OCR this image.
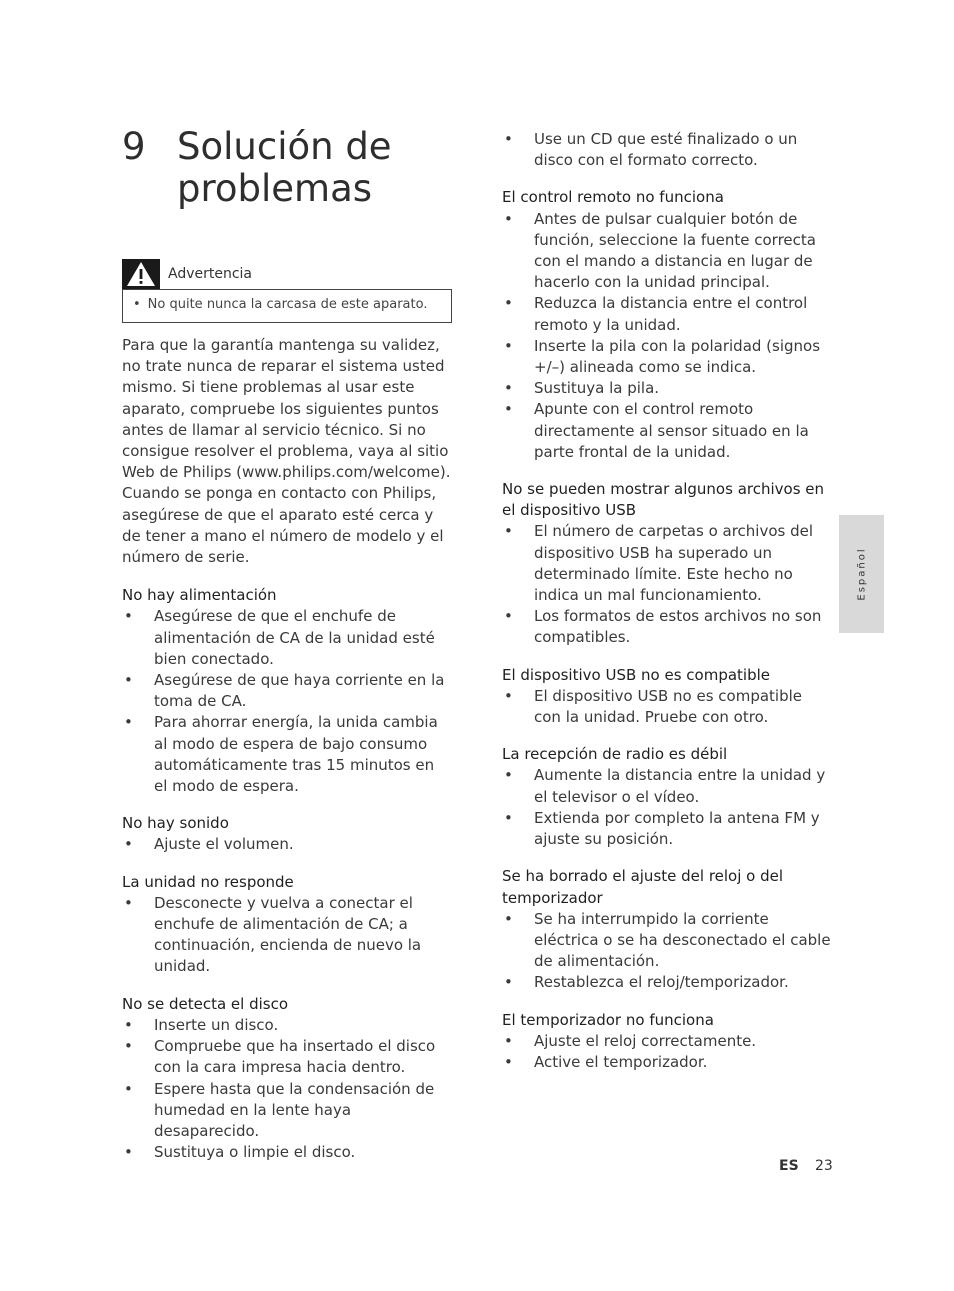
9 Solución de problemas
Advertencia
• No quite nunca la carcasa de este aparato.

Para que la garantía mantenga su validez, no trate nunca de reparar el sistema usted mismo. Si tiene problemas al usar este aparato, compruebe los siguientes puntos antes de llamar al servicio técnico. Si no consigue resolver el problema, vaya al sitio Web de Philips (www.philips.com/welcome). Cuando se ponga en contacto con Philips, asegúrese de que el aparato esté cerca y de tener a mano el número de modelo y el número de serie.

No hay alimentación
• Asegúrese de que el enchufe de alimentación de CA de la unidad esté bien conectado.
• Asegúrese de que haya corriente en la toma de CA.
• Para ahorrar energía, la unida cambia al modo de espera de bajo consumo automáticamente tras 15 minutos en el modo de espera.
No hay sonido
• Ajuste el volumen.
La unidad no responde
• Desconecte y vuelva a conectar el enchufe de alimentación de CA; a continuación, encienda de nuevo la unidad.
No se detecta el disco
• Inserte un disco.
• Compruebe que ha insertado el disco con la cara impresa hacia dentro.
• Espere hasta que la condensación de humedad en la lente haya desaparecido.
• Sustituya o limpie el disco.
• Use un CD que esté finalizado o un disco con el formato correcto.
El control remoto no funciona
• Antes de pulsar cualquier botón de función, seleccione la fuente correcta con el mando a distancia en lugar de hacerlo con la unidad principal.
• Reduzca la distancia entre el control remoto y la unidad.
• Inserte la pila con la polaridad (signos +/–) alineada como se indica.
• Sustituya la pila.
• Apunte con el control remoto directamente al sensor situado en la parte frontal de la unidad.
No se pueden mostrar algunos archivos en el dispositivo USB
• El número de carpetas o archivos del dispositivo USB ha superado un determinado límite. Este hecho no indica un mal funcionamiento.
• Los formatos de estos archivos no son compatibles.
El dispositivo USB no es compatible
• El dispositivo USB no es compatible con la unidad. Pruebe con otro.
La recepción de radio es débil
• Aumente la distancia entre la unidad y el televisor o el vídeo.
• Extienda por completo la antena FM y ajuste su posición.
Se ha borrado el ajuste del reloj o del temporizador
• Se ha interrumpido la corriente eléctrica o se ha desconectado el cable de alimentación.
• Restablezca el reloj/temporizador.
El temporizador no funciona
• Ajuste el reloj correctamente.
• Active el temporizador.
Español
ES 23
